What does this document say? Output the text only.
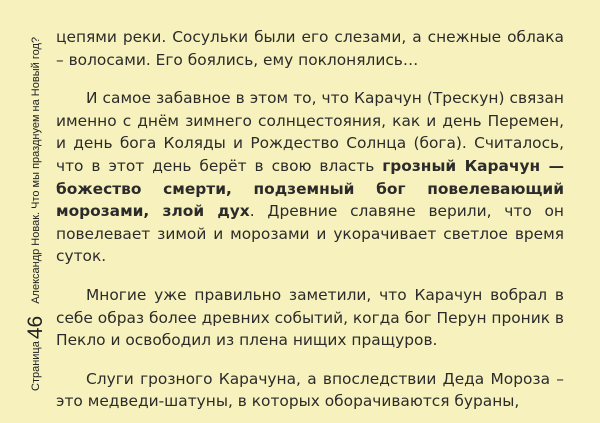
Страница46Александр Новак. Что мы празднуем на Новый год? цепями реки. Сосульки были его слезами, а снежные облака – волосами. Его боялись, ему поклонялись…

И самое забавное в этом то, что Карачун (Трескун) связан именно с днём зимнего солнцестояния, как и день Перемен, и день бога Коляды и Рождество Солнца (бога). Считалось, что в этот день берёт в свою власть грозный Карачун — божество смерти, подземный бог повелевающий морозами, злой дух. Древние славяне верили, что он повелевает зимой и морозами и укорачивает светлое время суток.

Многие уже правильно заметили, что Карачун вобрал в себе образ более древних событий, когда бог Перун проник в Пекло и освободил из плена нищих пращуров.

Слуги грозного Карачуна, а впоследствии Деда Мороза – это медведи-шатуны, в которых оборачиваются бураны,
